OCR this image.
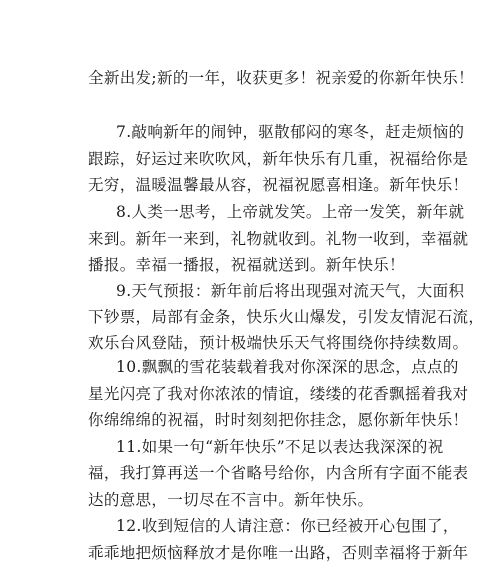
全新出发;新的一年，收获更多！祝亲爱的你新年快乐！
7.敲响新年的闹钟，驱散郁闷的寒冬，赶走烦恼的
跟踪，好运过来吹吹风，新年快乐有几重，祝福给你是
无穷，温暖温馨最从容，祝福祝愿喜相逢。新年快乐！
8.人类一思考，上帝就发笑。上帝一发笑，新年就
来到。新年一来到，礼物就收到。礼物一收到，幸福就
播报。幸福一播报，祝福就送到。新年快乐！
9.天气预报：新年前后将出现强对流天气，大面积
下钞票，局部有金条，快乐火山爆发，引发友情泥石流，
欢乐台风登陆，预计极端快乐天气将围绕你持续数周。
10.飘飘的雪花装载着我对你深深的思念，点点的
星光闪亮了我对你浓浓的情谊，缕缕的花香飘摇着我对
你绵绵绵的祝福，时时刻刻把你挂念，愿你新年快乐！
11.如果一句“新年快乐”不足以表达我深深的祝
福，我打算再送一个省略号给你，内含所有字面不能表
达的意思，一切尽在不言中。新年快乐。
12.收到短信的人请注意：你已经被开心包围了，
乖乖地把烦恼释放才是你唯一出路，否则幸福将于新年
